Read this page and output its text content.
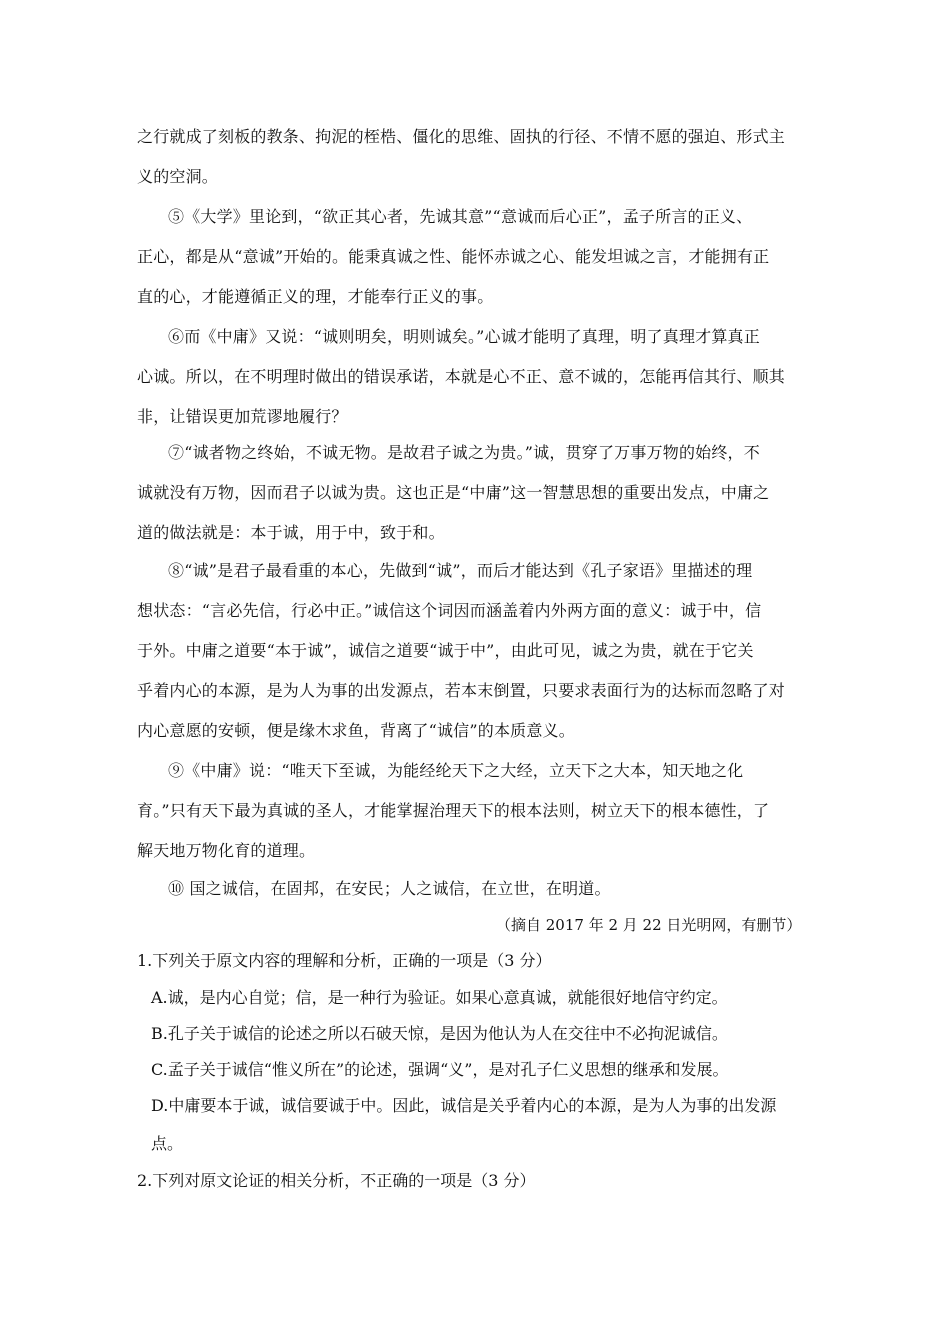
之行就成了刻板的教条、拘泥的桎梏、僵化的思维、固执的行径、不情不愿的强迫、形式主
义的空洞。
⑤《大学》里论到，“欲正其心者，先诚其意”“意诚而后心正”，孟子所言的正义、
正心，都是从“意诚”开始的。能秉真诚之性、能怀赤诚之心、能发坦诚之言，才能拥有正
直的心，才能遵循正义的理，才能奉行正义的事。
⑥而《中庸》又说：“诚则明矣，明则诚矣。”心诚才能明了真理，明了真理才算真正
心诚。所以，在不明理时做出的错误承诺，本就是心不正、意不诚的，怎能再信其行、顺其
非，让错误更加荒谬地履行？
⑦“诚者物之终始，不诚无物。是故君子诚之为贵。”诚，贯穿了万事万物的始终，不
诚就没有万物，因而君子以诚为贵。这也正是“中庸”这一智慧思想的重要出发点，中庸之
道的做法就是：本于诚，用于中，致于和。
⑧“诚”是君子最看重的本心，先做到“诚”，而后才能达到《孔子家语》里描述的理
想状态：“言必先信，行必中正。”诚信这个词因而涵盖着内外两方面的意义：诚于中，信
于外。中庸之道要“本于诚”，诚信之道要“诚于中”，由此可见，诚之为贵，就在于它关
乎着内心的本源，是为人为事的出发源点，若本末倒置，只要求表面行为的达标而忽略了对
内心意愿的安顿，便是缘木求鱼，背离了“诚信”的本质意义。
⑨《中庸》说：“唯天下至诚，为能经纶天下之大经，立天下之大本，知天地之化
育。”只有天下最为真诚的圣人，才能掌握治理天下的根本法则，树立天下的根本德性，了
解天地万物化育的道理。
⑩ 国之诚信，在固邦，在安民；人之诚信，在立世，在明道。
（摘自 2017 年 2 月 22 日光明网，有删节）
1.下列关于原文内容的理解和分析，正确的一项是（3 分）
A.诚，是内心自觉；信，是一种行为验证。如果心意真诚，就能很好地信守约定。
B.孔子关于诚信的论述之所以石破天惊，是因为他认为人在交往中不必拘泥诚信。
C.孟子关于诚信“惟义所在”的论述，强调“义”，是对孔子仁义思想的继承和发展。
D.中庸要本于诚，诚信要诚于中。因此，诚信是关乎着内心的本源，是为人为事的出发源
点。
2.下列对原文论证的相关分析，不正确的一项是（3 分）
